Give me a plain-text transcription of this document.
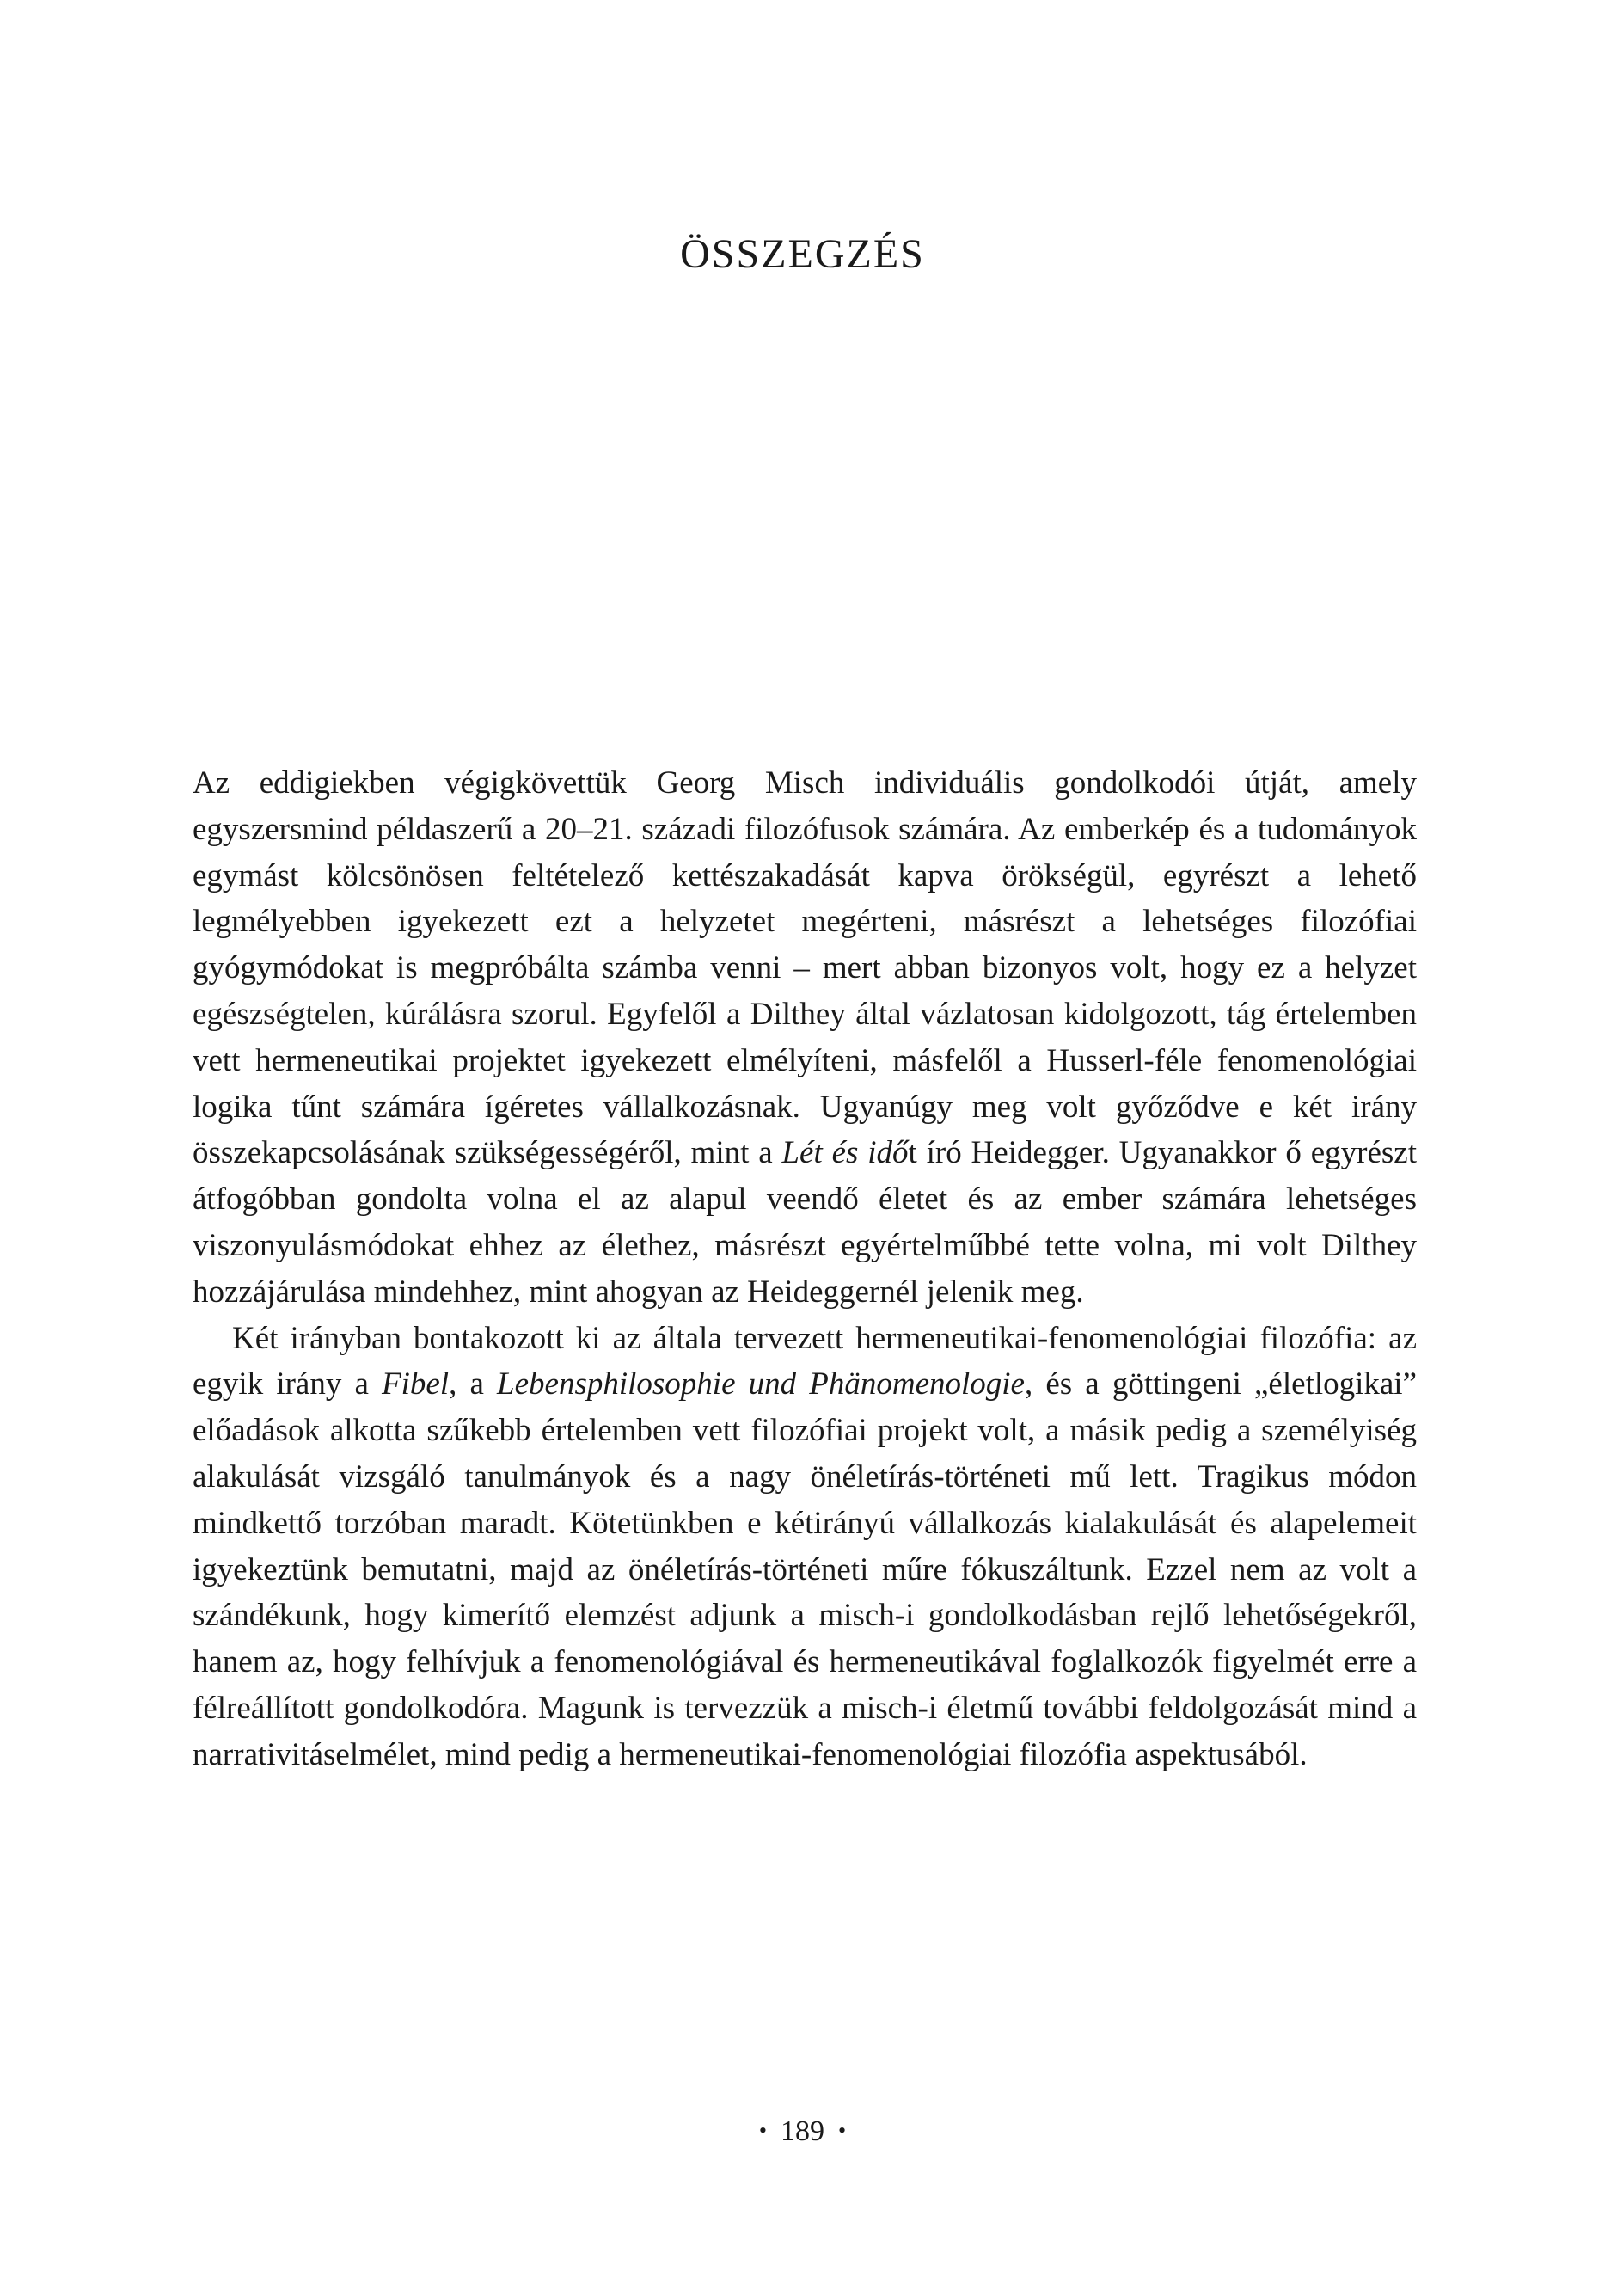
ÖSSZEGZÉS

Az eddigiekben végigkövettük Georg Misch individuális gondolkodói útját, amely egyszersmind példaszerű a 20–21. századi filozófusok számára. Az emberkép és a tudományok egymást kölcsönösen feltételező kettészakadását kapva örökségül, egyrészt a lehető legmélyebben igyekezett ezt a helyzetet megérteni, másrészt a lehetséges filozófiai gyógymódokat is megpróbálta számba venni – mert abban bizonyos volt, hogy ez a helyzet egészségtelen, kúrálásra szorul. Egyfelől a Dilthey által vázlatosan kidolgozott, tág értelemben vett hermeneutikai projektet igyekezett elmélyíteni, másfelől a Husserl-féle fenomenológiai logika tűnt számára ígéretes vállalkozásnak. Ugyanúgy meg volt győződve e két irány összekapcsolásának szükségességéről, mint a Lét és időt író Heidegger. Ugyanakkor ő egyrészt átfogóbban gondolta volna el az alapul veendő életet és az ember számára lehetséges viszonyulásmódokat ehhez az élethez, másrészt egyértelműbbé tette volna, mi volt Dilthey hozzájárulása mindehhez, mint ahogyan az Heideggernél jelenik meg.

Két irányban bontakozott ki az általa tervezett hermeneutikai-fenomenológiai filozófia: az egyik irány a Fibel, a Lebensphilosophie und Phänomenologie, és a göttingeni „életlogikai” előadások alkotta szűkebb értelemben vett filozófiai projekt volt, a másik pedig a személyiség alakulását vizsgáló tanulmányok és a nagy önéletírás-történeti mű lett. Tragikus módon mindkettő torzóban maradt. Kötetünkben e kétirányú vállalkozás kialakulását és alapelemeit igyekeztünk bemutatni, majd az önéletírás-történeti műre fókuszáltunk. Ezzel nem az volt a szándékunk, hogy kimerítő elemzést adjunk a misch-i gondolkodásban rejlő lehetőségekről, hanem az, hogy felhívjuk a fenomenológiával és hermeneutikával foglalkozók figyelmét erre a félreállított gondolkodóra. Magunk is tervezzük a misch-i életmű további feldolgozását mind a narrativitáselmélet, mind pedig a hermeneutikai-fenomenológiai filozófia aspektusából.

• 189 •
